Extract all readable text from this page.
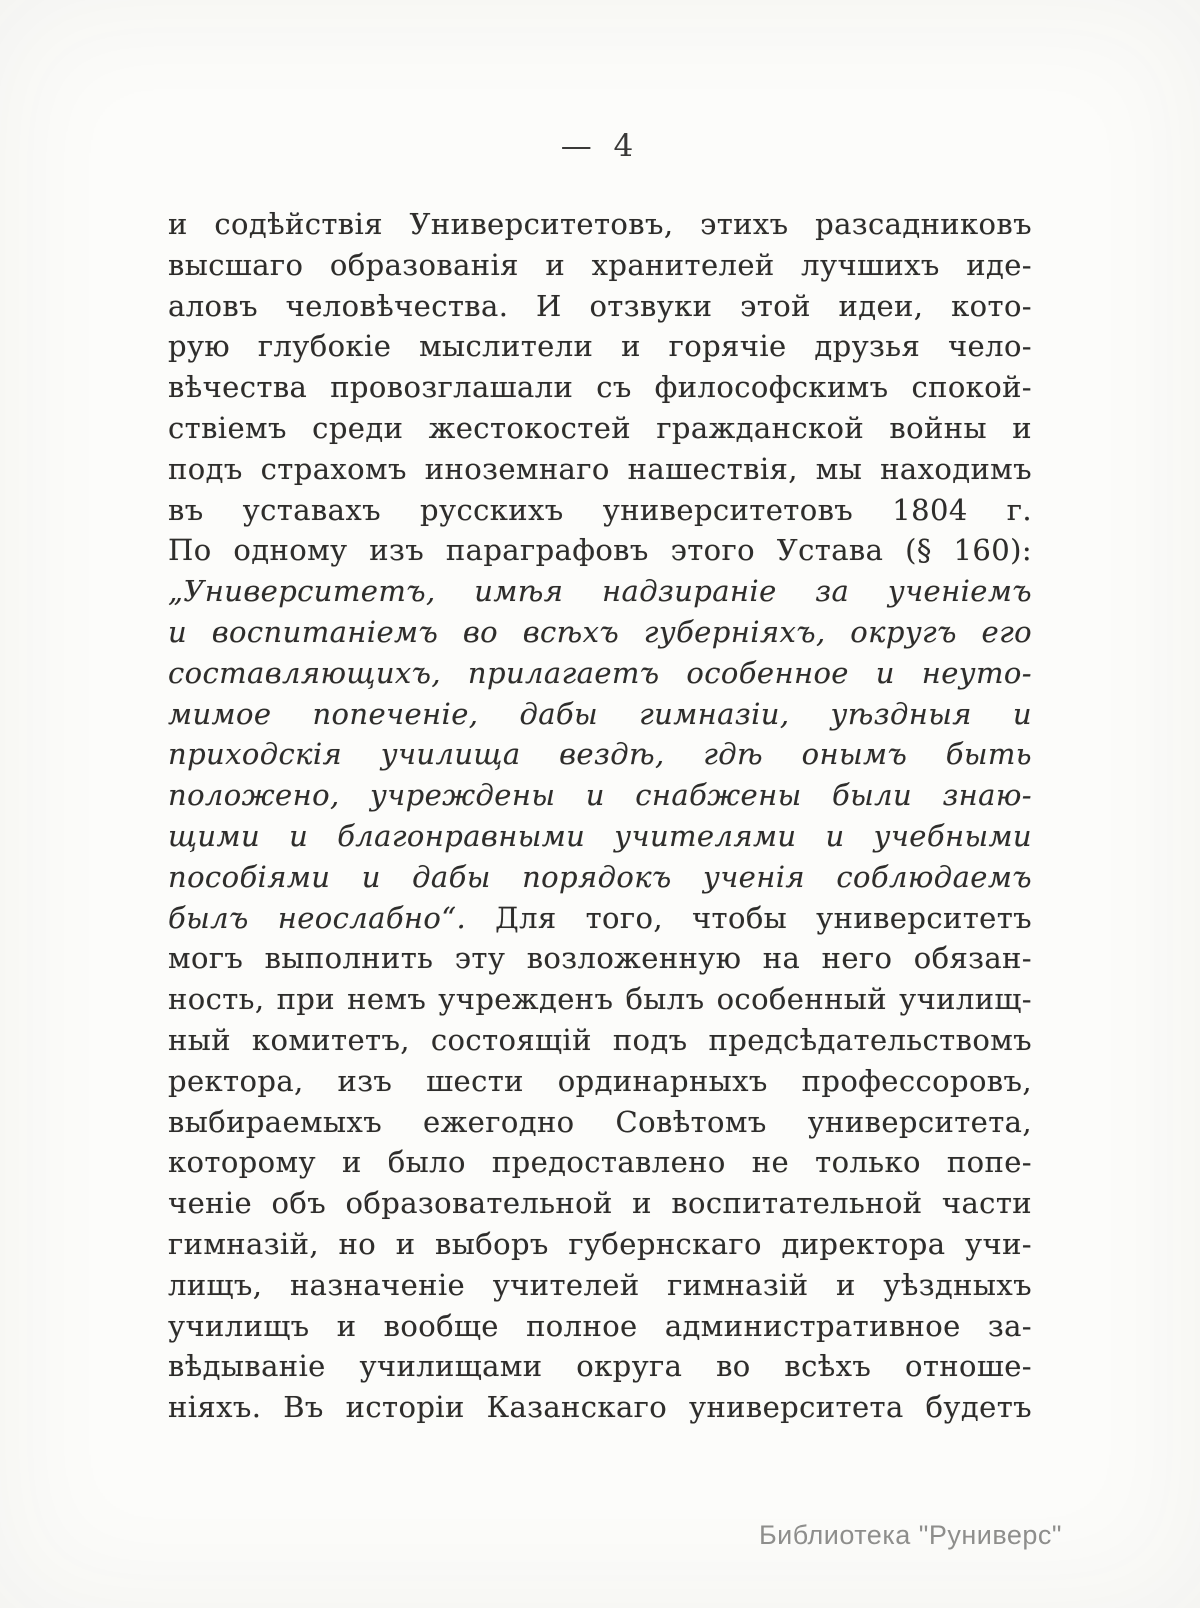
— 4
и содѣйствія Университетовъ, этихъ разсадниковъ
высшаго образованія и хранителей лучшихъ иде-
аловъ человѣчества. И отзвуки этой идеи, кото-
рую глубокіе мыслители и горячіе друзья чело-
вѣчества провозглашали съ философскимъ спокой-
ствіемъ среди жестокостей гражданской войны и
подъ страхомъ иноземнаго нашествія, мы находимъ
въ уставахъ русскихъ университетовъ 1804 г.
По одному изъ параграфовъ этого Устава (§ 160):
„Университетъ, имѣя надзираніе за ученіемъ
и воспитаніемъ во всѣхъ губерніяхъ, округъ его
составляющихъ, прилагаетъ особенное и неуто-
мимое попеченіе, дабы гимназіи, уѣздныя и
приходскія училища вездѣ, гдѣ онымъ быть
положено, учреждены и снабжены были знаю-
щими и благонравными учителями и учебными
пособіями и дабы порядокъ ученія соблюдаемъ
былъ неослабно“. Для того, чтобы университетъ
могъ выполнить эту возложенную на него обязан-
ность, при немъ учрежденъ былъ особенный училищ-
ный комитетъ, состоящій подъ предсѣдательствомъ
ректора, изъ шести ординарныхъ профессоровъ,
выбираемыхъ ежегодно Совѣтомъ университета,
которому и было предоставлено не только попе-
ченіе объ образовательной и воспитательной части
гимназій, но и выборъ губернскаго директора учи-
лищъ, назначеніе учителей гимназій и уѣздныхъ
училищъ и вообще полное административное за-
вѣдываніе училищами округа во всѣхъ отноше-
ніяхъ. Въ исторіи Казанскаго университета будетъ
Библиотека "Руниверс"
